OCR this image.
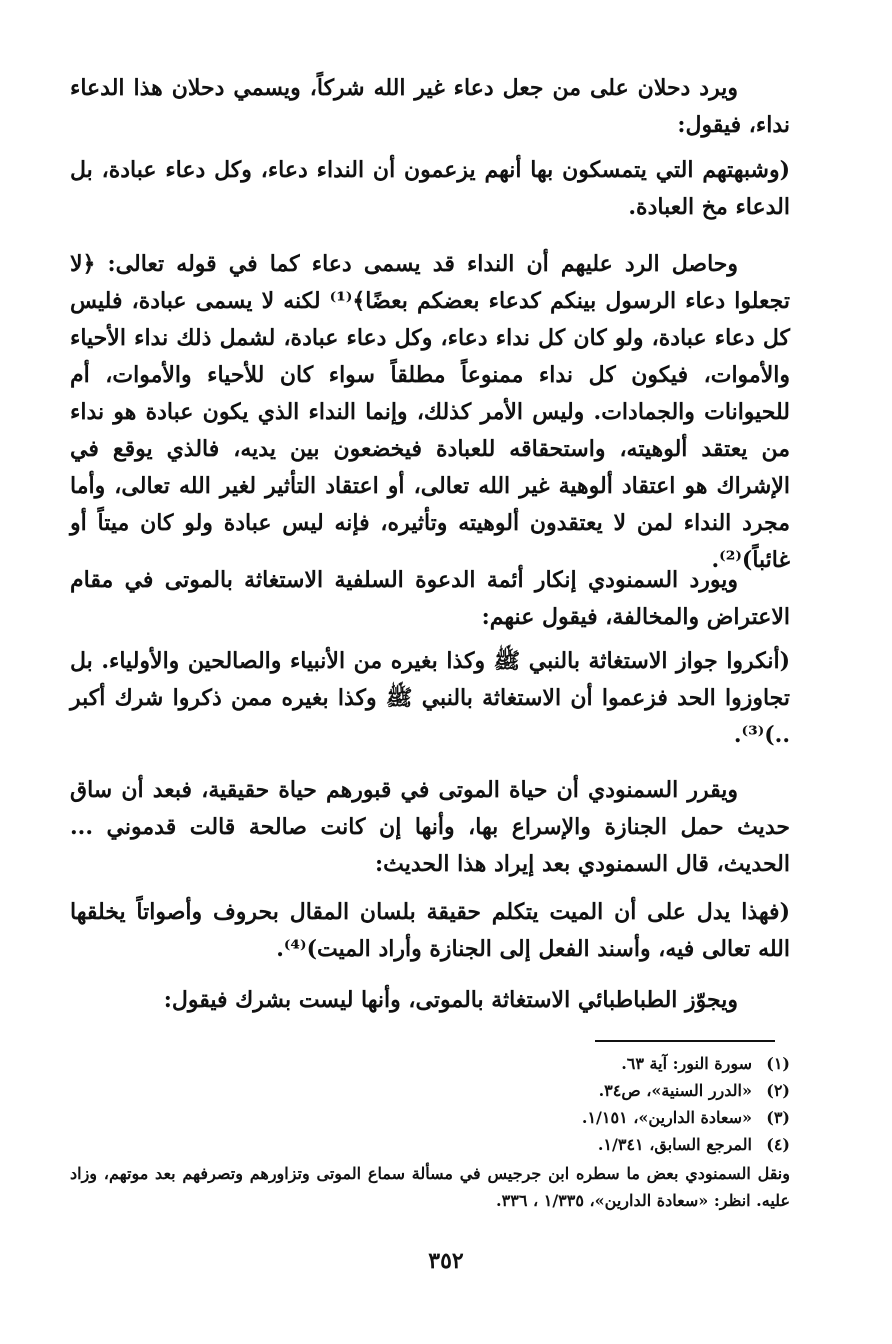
ويرد دحلان على من جعل دعاء غير الله شركاً، ويسمي دحلان هذا الدعاء نداء، فيقول:

(وشبهتهم التي يتمسكون بها أنهم يزعمون أن النداء دعاء، وكل دعاء عبادة، بل الدعاء مخ العبادة.

وحاصل الرد عليهم أن النداء قد يسمى دعاء كما في قوله تعالى: ﴿لا تجعلوا دعاء الرسول بينكم كدعاء بعضكم بعضًا﴾⁽¹⁾ لكنه لا يسمى عبادة، فليس كل دعاء عبادة، ولو كان كل نداء دعاء، وكل دعاء عبادة، لشمل ذلك نداء الأحياء والأموات، فيكون كل نداء ممنوعاً مطلقاً سواء كان للأحياء والأموات، أم للحيوانات والجمادات. وليس الأمر كذلك، وإنما النداء الذي يكون عبادة هو نداء من يعتقد ألوهيته، واستحقاقه للعبادة فيخضعون بين يديه، فالذي يوقع في الإشراك هو اعتقاد ألوهية غير الله تعالى، أو اعتقاد التأثير لغير الله تعالى، وأما مجرد النداء لمن لا يعتقدون ألوهيته وتأثيره، فإنه ليس عبادة ولو كان ميتاً أو غائباً)⁽²⁾.

ويورد السمنودي إنكار أئمة الدعوة السلفية الاستغاثة بالموتى في مقام الاعتراض والمخالفة، فيقول عنهم:

(أنكروا جواز الاستغاثة بالنبي ﷺ وكذا بغيره من الأنبياء والصالحين والأولياء. بل تجاوزوا الحد فزعموا أن الاستغاثة بالنبي ﷺ وكذا بغيره ممن ذكروا شرك أكبر ..)⁽³⁾.

ويقرر السمنودي أن حياة الموتى في قبورهم حياة حقيقية، فبعد أن ساق حديث حمل الجنازة والإسراع بها، وأنها إن كانت صالحة قالت قدموني ... الحديث، قال السمنودي بعد إيراد هذا الحديث:

(فهذا يدل على أن الميت يتكلم حقيقة بلسان المقال بحروف وأصواتاً يخلقها الله تعالى فيه، وأسند الفعل إلى الجنازة وأراد الميت)⁽⁴⁾.

ويجوّز الطباطبائي الاستغاثة بالموتى، وأنها ليست بشرك فيقول:

(١)سورة النور: آية ٦٣.
(٢)«الدرر السنية»، ص٣٤.
(٣)«سعادة الدارين»، ١/١٥١.
(٤)المرجع السابق، ١/٣٤١.
ونقل السمنودي بعض ما سطره ابن جرجيس في مسألة سماع الموتى وتزاورهم وتصرفهم بعد موتهم، وزاد عليه. انظر: «سعادة الدارين»، ١/٣٣٥ ، ٣٣٦.
٣٥٢
